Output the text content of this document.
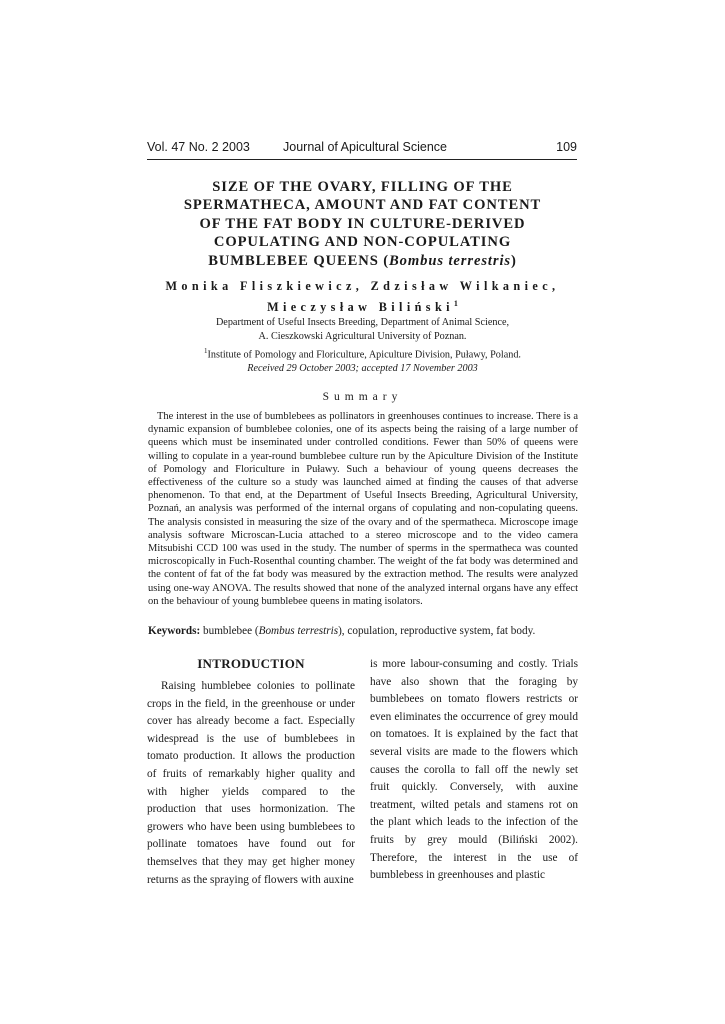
Vol. 47 No. 2 2003	Journal of Apicultural Science	109
SIZE OF THE OVARY, FILLING OF THE
SPERMATHECA, AMOUNT AND FAT CONTENT
OF THE FAT BODY IN CULTURE-DERIVED
COPULATING AND NON-COPULATING
BUMBLEBEE QUEENS (Bombus terrestris)
Monika Fliszkiewicz, Zdzisław Wilkaniec,
Mieczysław Biliński$^1$
Department of Useful Insects Breeding, Department of Animal Science,
A. Cieszkowski Agricultural University of Poznan.
$^1$Institute of Pomology and Floriculture, Apiculture Division, Puławy, Poland.
Received 29 October 2003; accepted 17 November 2003
Summary

The interest in the use of bumblebees as pollinators in greenhouses continues to increase. There is a dynamic expansion of bumblebee colonies, one of its aspects being the raising of a large number of queens which must be inseminated under controlled conditions. Fewer than 50% of queens were willing to copulate in a year-round bumblebee culture run by the Apiculture Division of the Institute of Pomology and Floriculture in Puławy. Such a behaviour of young queens decreases the effectiveness of the culture so a study was launched aimed at finding the causes of that adverse phenomenon. To that end, at the Department of Useful Insects Breeding, Agricultural University, Poznań, an analysis was performed of the internal organs of copulating and non-copulating queens. The analysis consisted in measuring the size of the ovary and of the spermatheca. Microscope image analysis software Microscan-Lucia attached to a stereo microscope and to the video camera Mitsubishi CCD 100 was used in the study. The number of sperms in the spermatheca was counted microscopically in Fuch-Rosenthal counting chamber. The weight of the fat body was determined and the content of fat of the fat body was measured by the extraction method. The results were analyzed using one-way ANOVA. The results showed that none of the analyzed internal organs have any effect on the behaviour of young bumblebee queens in mating isolators.

Keywords: bumblebee (Bombus terrestris), copulation, reproductive system, fat body.
INTRODUCTION

Raising humblebee colonies to pollinate crops in the field, in the greenhouse or under cover has already become a fact. Especially widespread is the use of bumblebees in tomato production. It allows the production of fruits of remarkably higher quality and with higher yields compared to the production that uses hormonization. The growers who have been using bumblebees to pollinate tomatoes have found out for themselves that they may get higher money returns as the spraying of flowers with auxine

is more labour-consuming and costly. Trials have also shown that the foraging by bumblebees on tomato flowers restricts or even eliminates the occurrence of grey mould on tomatoes. It is explained by the fact that several visits are made to the flowers which causes the corolla to fall off the newly set fruit quickly. Conversely, with auxine treatment, wilted petals and stamens rot on the plant which leads to the infection of the fruits by grey mould (Biliński 2002). Therefore, the interest in the use of bumblebess in greenhouses and plastic
